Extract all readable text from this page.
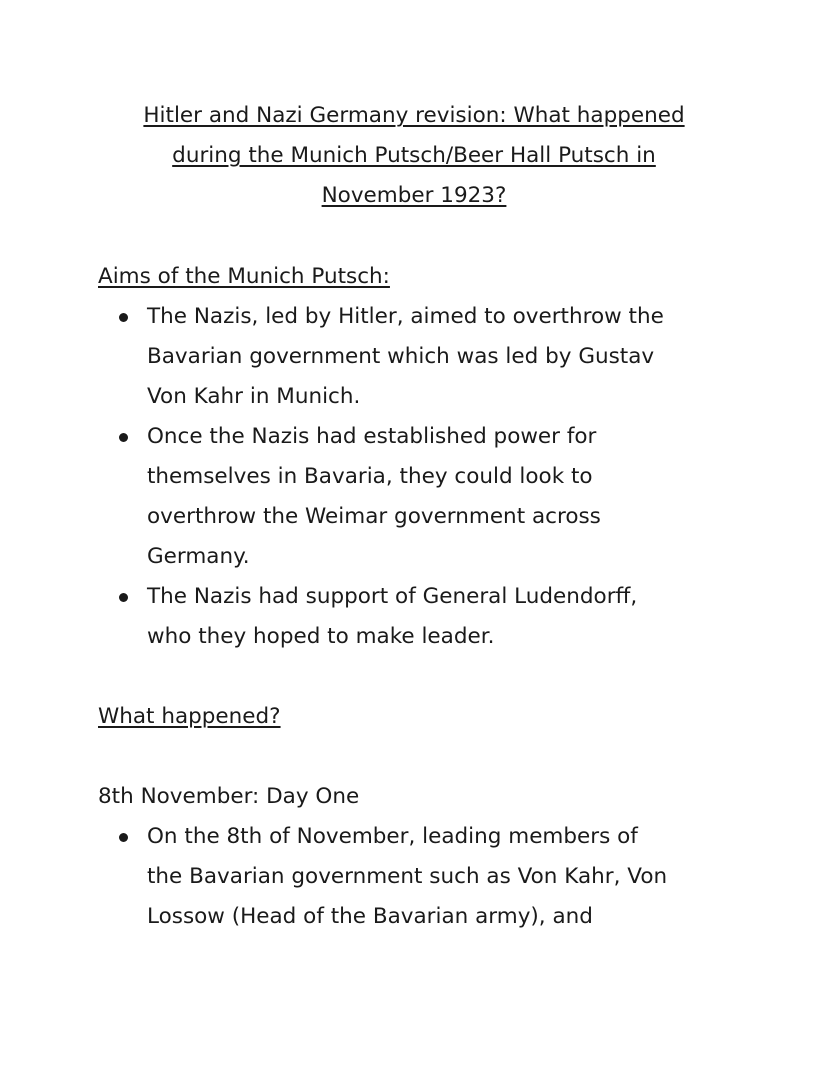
Hitler and Nazi Germany revision: What happened
during the Munich Putsch/Beer Hall Putsch in
November 1923?
Aims of the Munich Putsch:
The Nazis, led by Hitler, aimed to overthrow the
Bavarian government which was led by Gustav
Von Kahr in Munich.
Once the Nazis had established power for
themselves in Bavaria, they could look to
overthrow the Weimar government across
Germany.
The Nazis had support of General Ludendorff,
who they hoped to make leader.
What happened?
8th November: Day One
On the 8th of November, leading members of
the Bavarian government such as Von Kahr, Von
Lossow (Head of the Bavarian army), and
